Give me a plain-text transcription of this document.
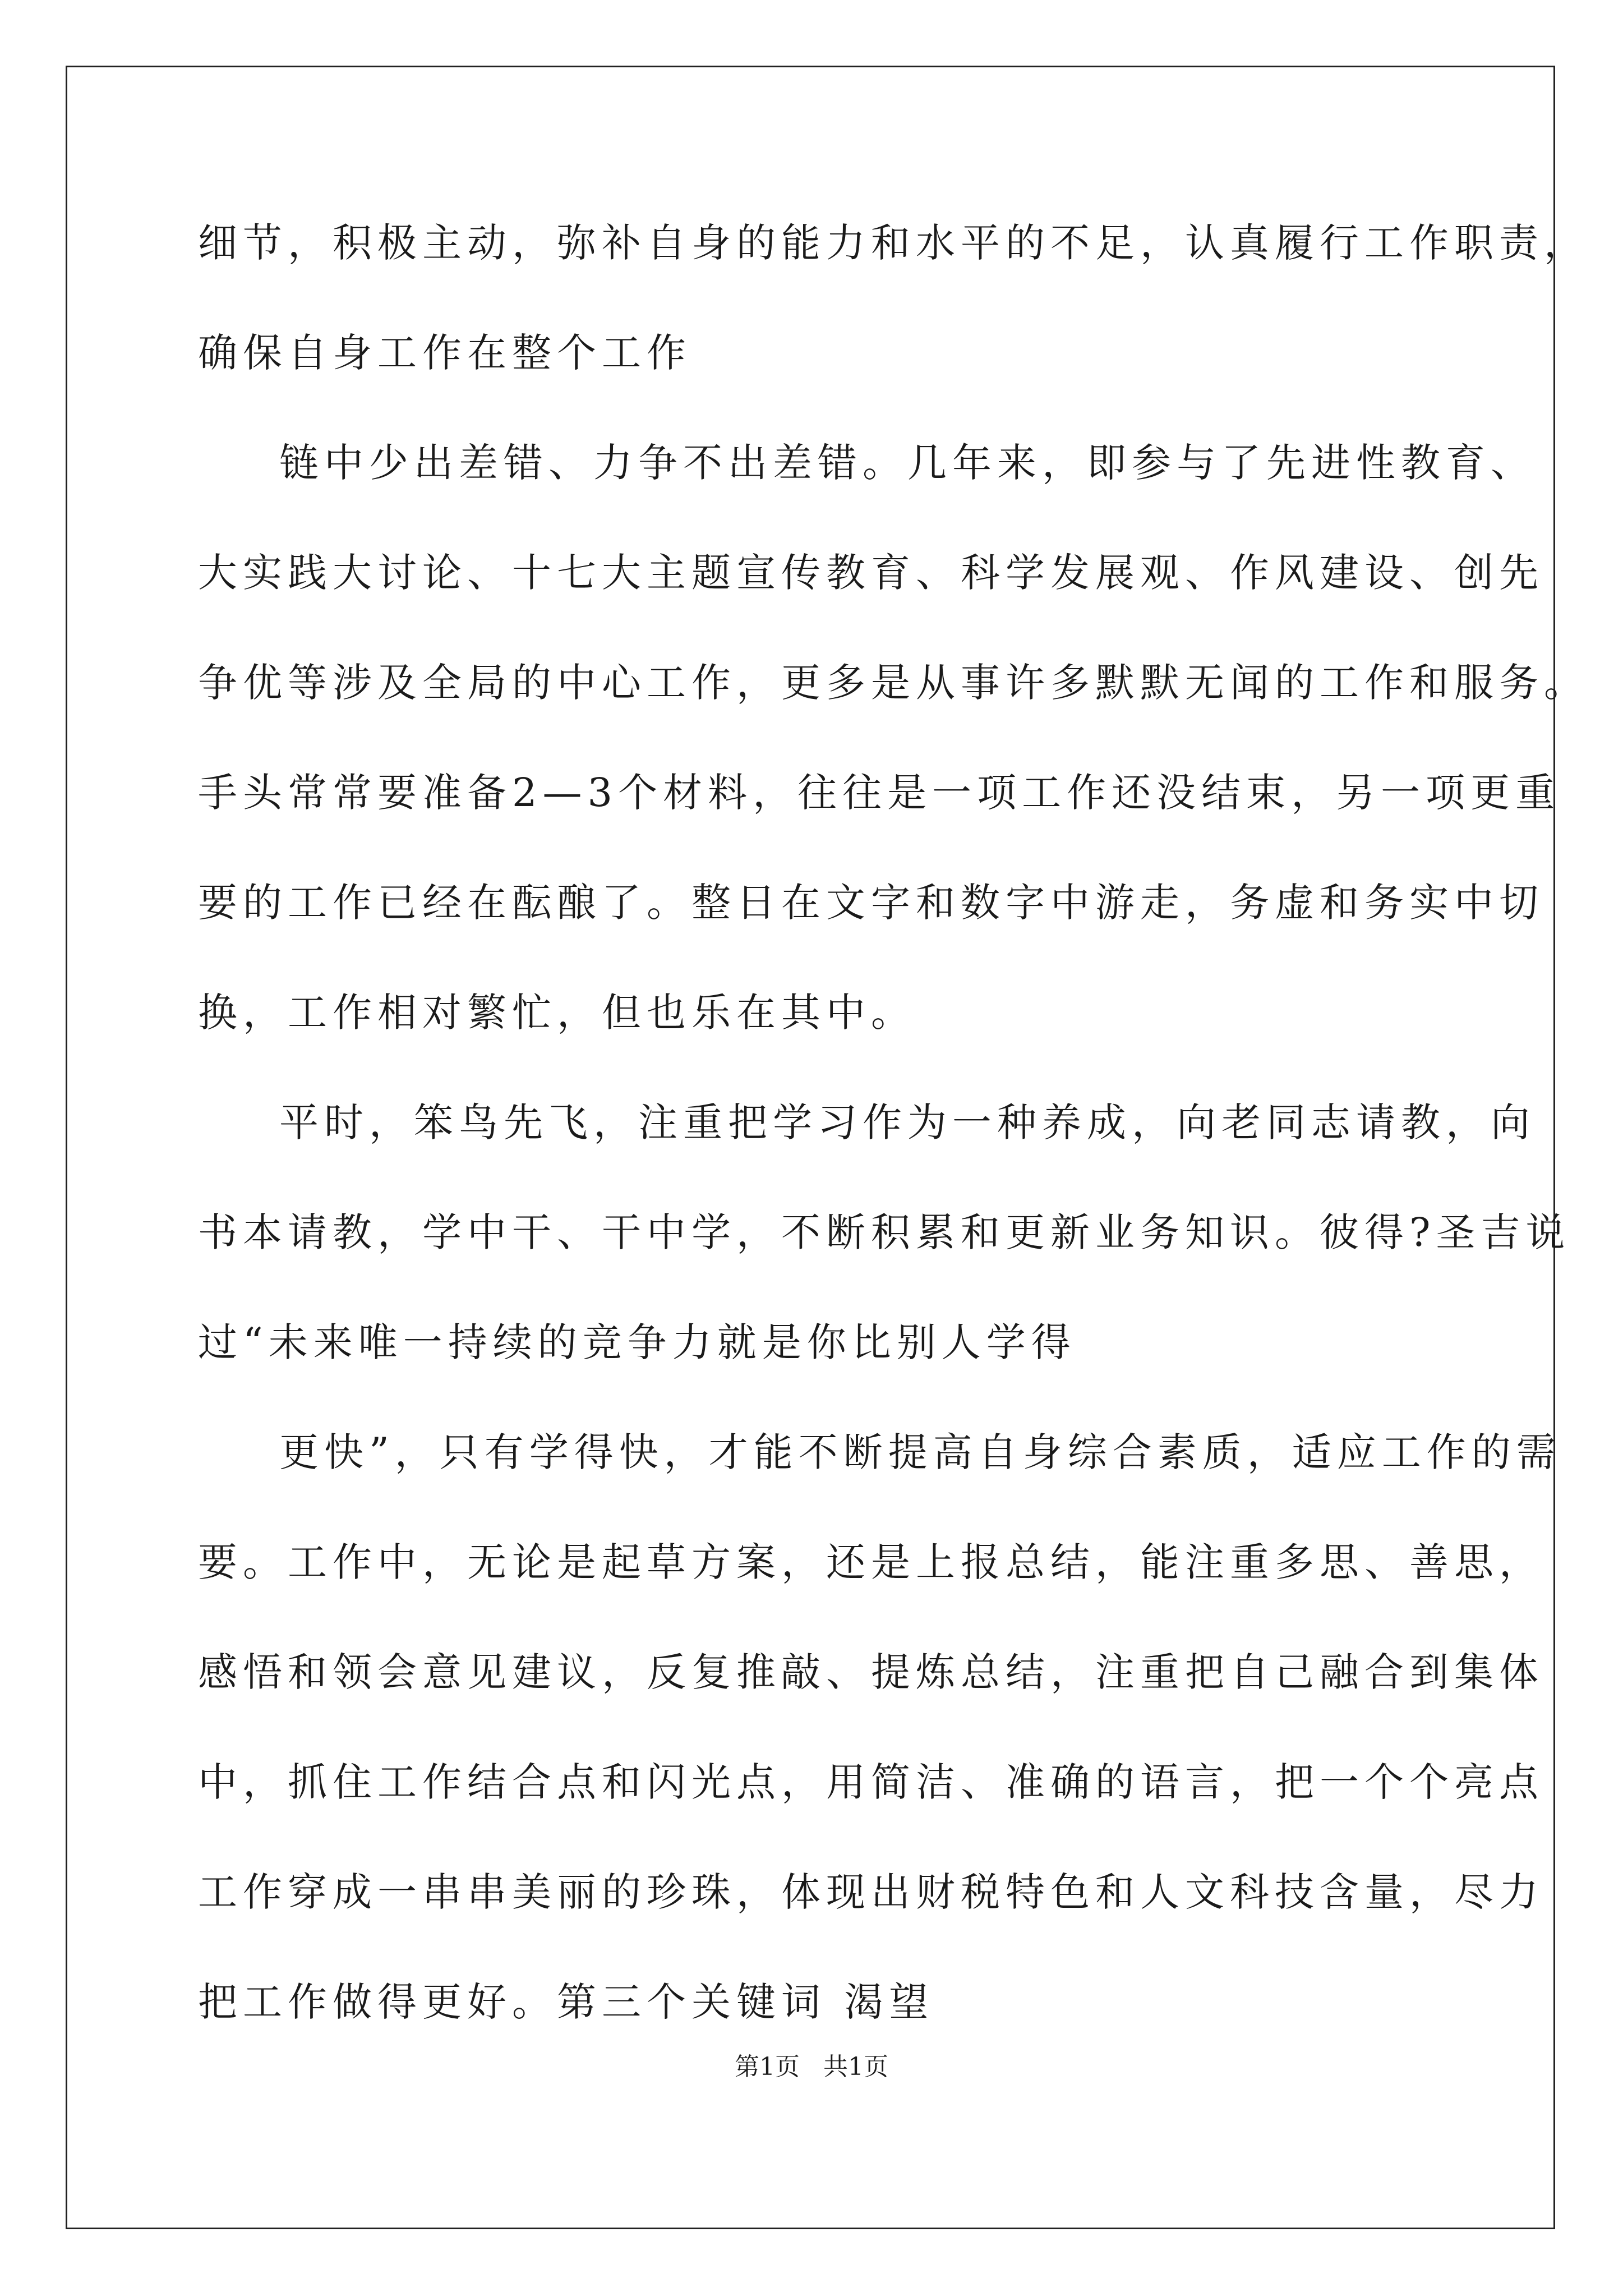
细节，积极主动，弥补自身的能力和水平的不足，认真履行工作职责，
确保自身工作在整个工作
链中少出差错、力争不出差错。几年来，即参与了先进性教育、
大实践大讨论、十七大主题宣传教育、科学发展观、作风建设、创先
争优等涉及全局的中心工作，更多是从事许多默默无闻的工作和服务。
手头常常要准备2—3个材料，往往是一项工作还没结束，另一项更重
要的工作已经在酝酿了。整日在文字和数字中游走，务虚和务实中切
换，工作相对繁忙，但也乐在其中。
平时，笨鸟先飞，注重把学习作为一种养成，向老同志请教，向
书本请教，学中干、干中学，不断积累和更新业务知识。彼得?圣吉说
过“未来唯一持续的竞争力就是你比别人学得
更快”，只有学得快，才能不断提高自身综合素质，适应工作的需
要。工作中，无论是起草方案，还是上报总结，能注重多思、善思，
感悟和领会意见建议，反复推敲、提炼总结，注重把自己融合到集体
中，抓住工作结合点和闪光点，用简洁、准确的语言，把一个个亮点
工作穿成一串串美丽的珍珠，体现出财税特色和人文科技含量，尽力
把工作做得更好。第三个关键词 渴望
第1页   共1页
